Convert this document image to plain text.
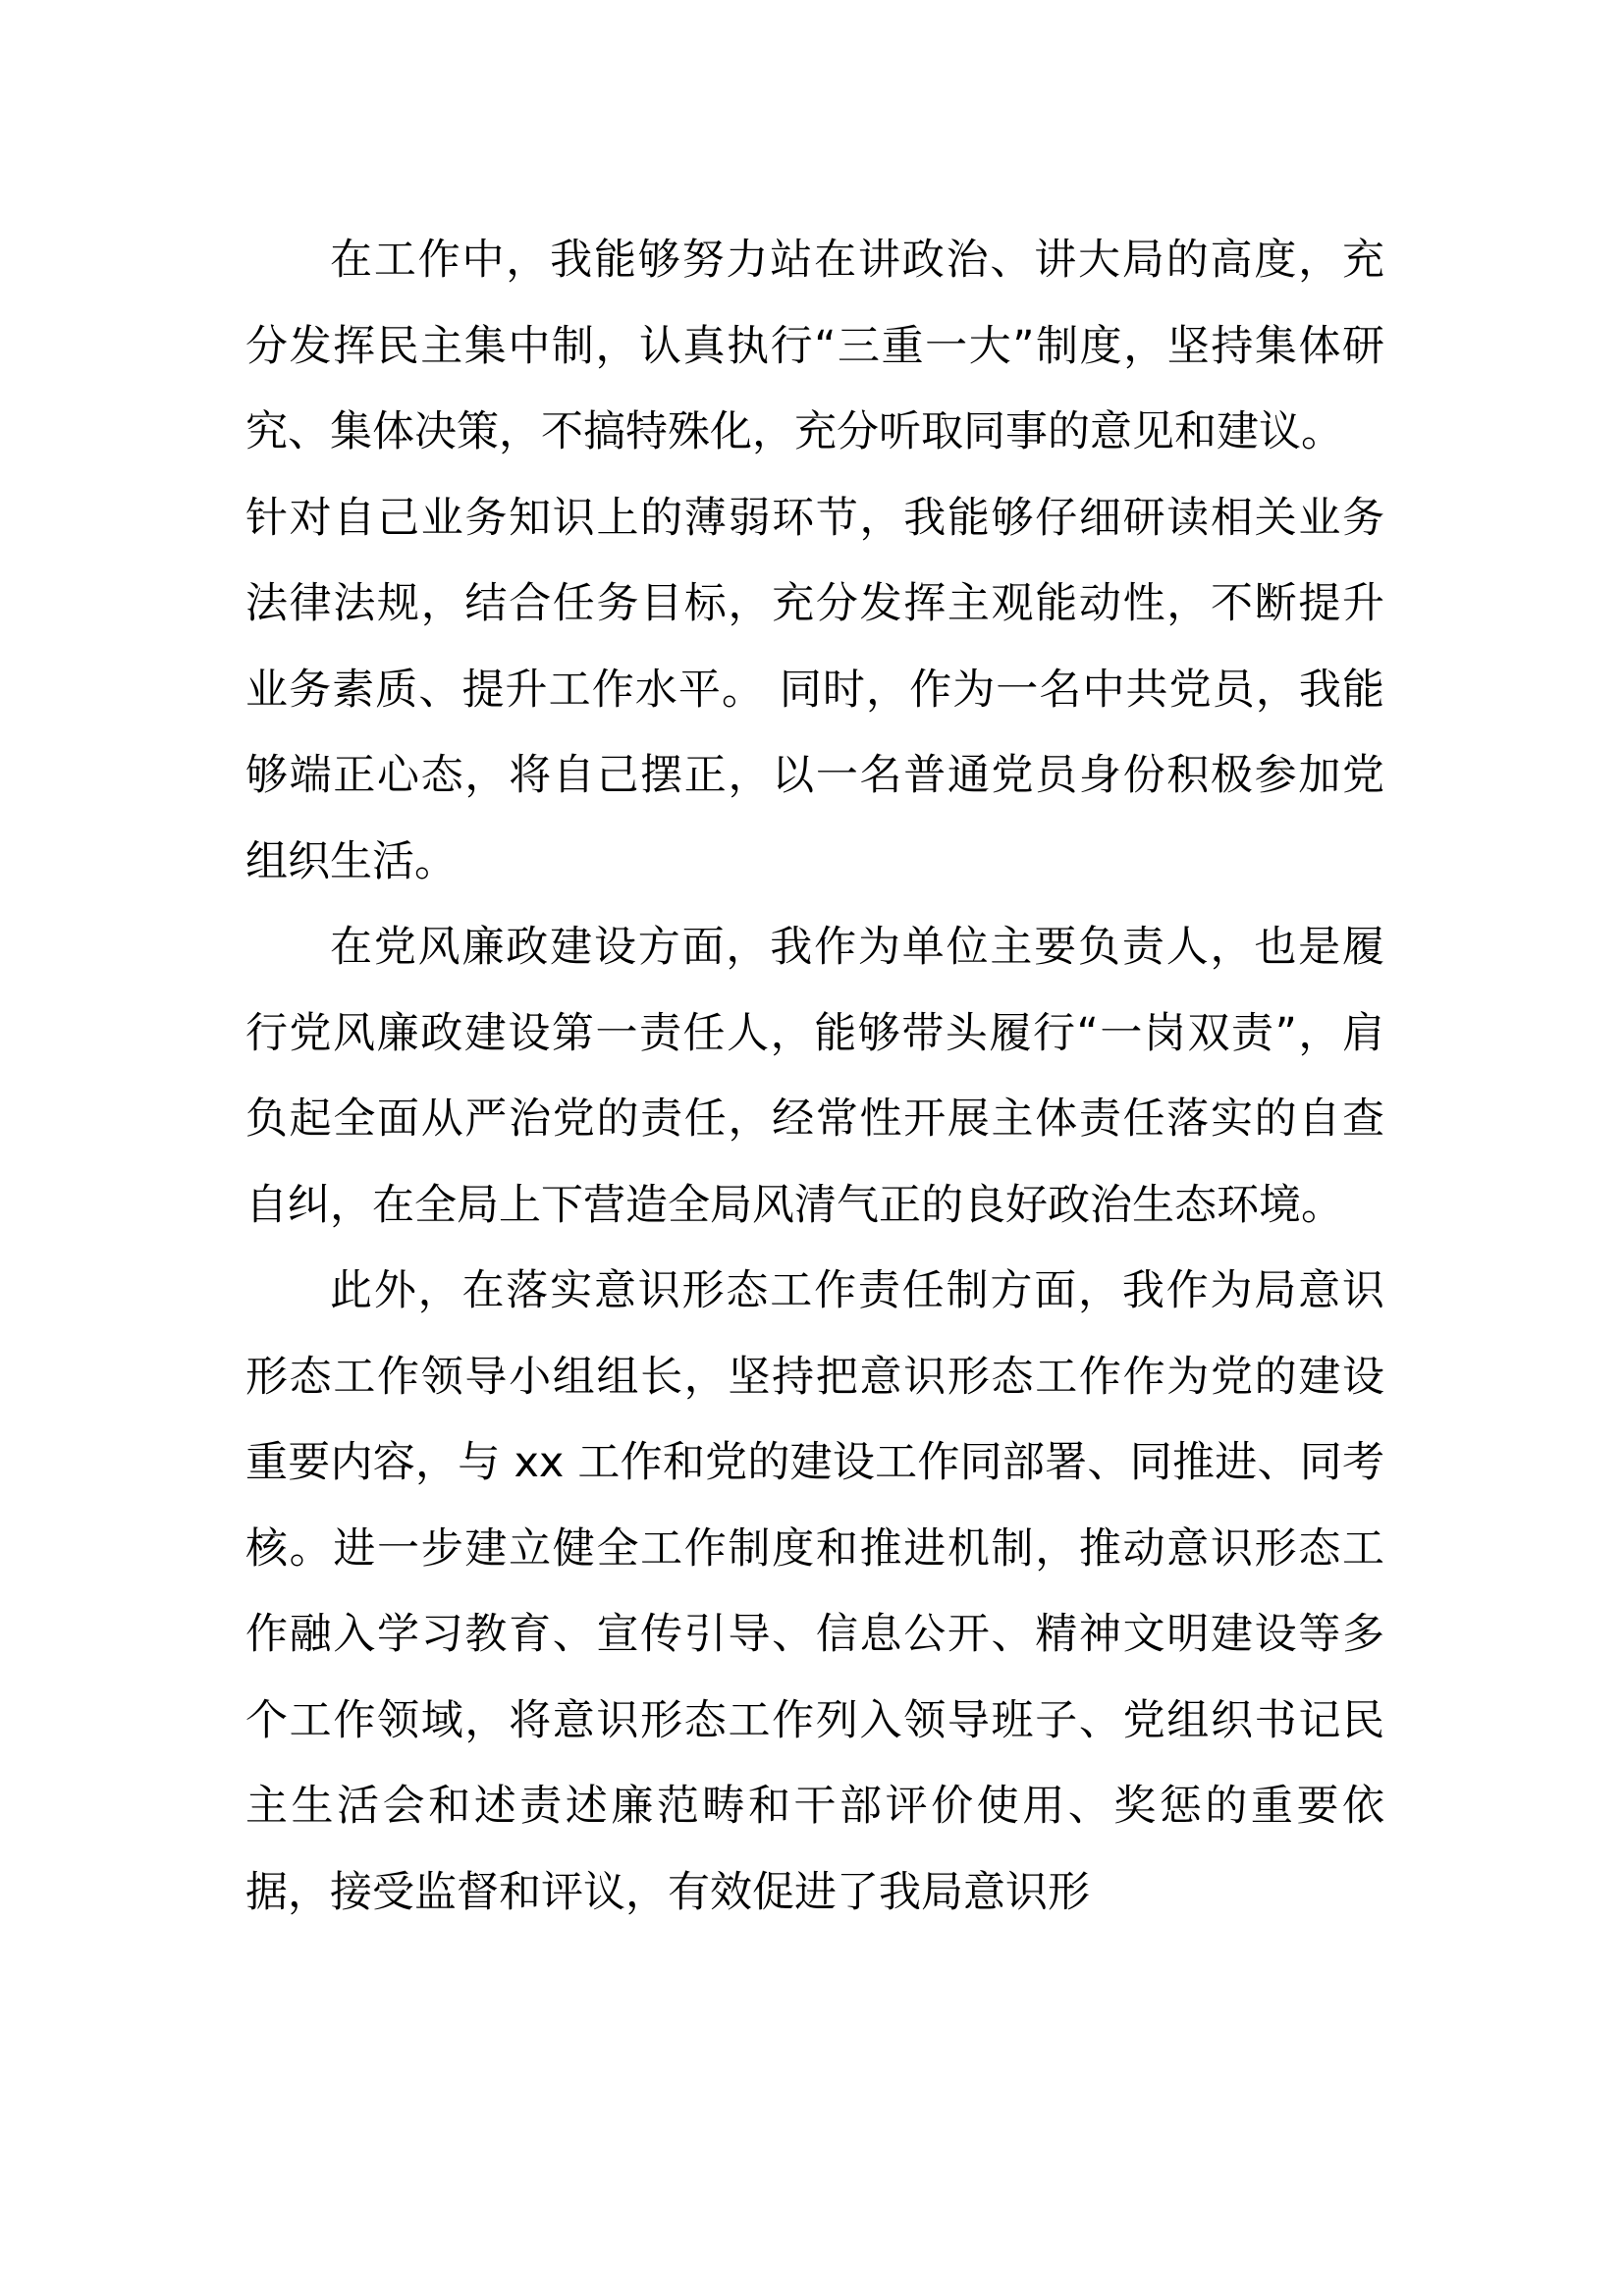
在工作中，我能够努力站在讲政治、讲大局的高度，充分发挥民主集中制，认真执行“三重一大”制度，坚持集体研究、集体决策，不搞特殊化，充分听取同事的意见和建议。

针对自己业务知识上的薄弱环节，我能够仔细研读相关业务法律法规，结合任务目标，充分发挥主观能动性，不断提升业务素质、提升工作水平。 同时，作为一名中共党员，我能够端正心态，将自己摆正，以一名普通党员身份积极参加党组织生活。

在党风廉政建设方面，我作为单位主要负责人，也是履行党风廉政建设第一责任人，能够带头履行“一岗双责”，肩负起全面从严治党的责任，经常性开展主体责任落实的自查自纠，在全局上下营造全局风清气正的良好政治生态环境。

此外，在落实意识形态工作责任制方面，我作为局意识形态工作领导小组组长，坚持把意识形态工作作为党的建设重要内容，与 xx 工作和党的建设工作同部署、同推进、同考核。进一步建立健全工作制度和推进机制，推动意识形态工作融入学习教育、宣传引导、信息公开、精神文明建设等多个工作领域，将意识形态工作列入领导班子、党组织书记民主生活会和述责述廉范畴和干部评价使用、奖惩的重要依据，接受监督和评议，有效促进了我局意识形
